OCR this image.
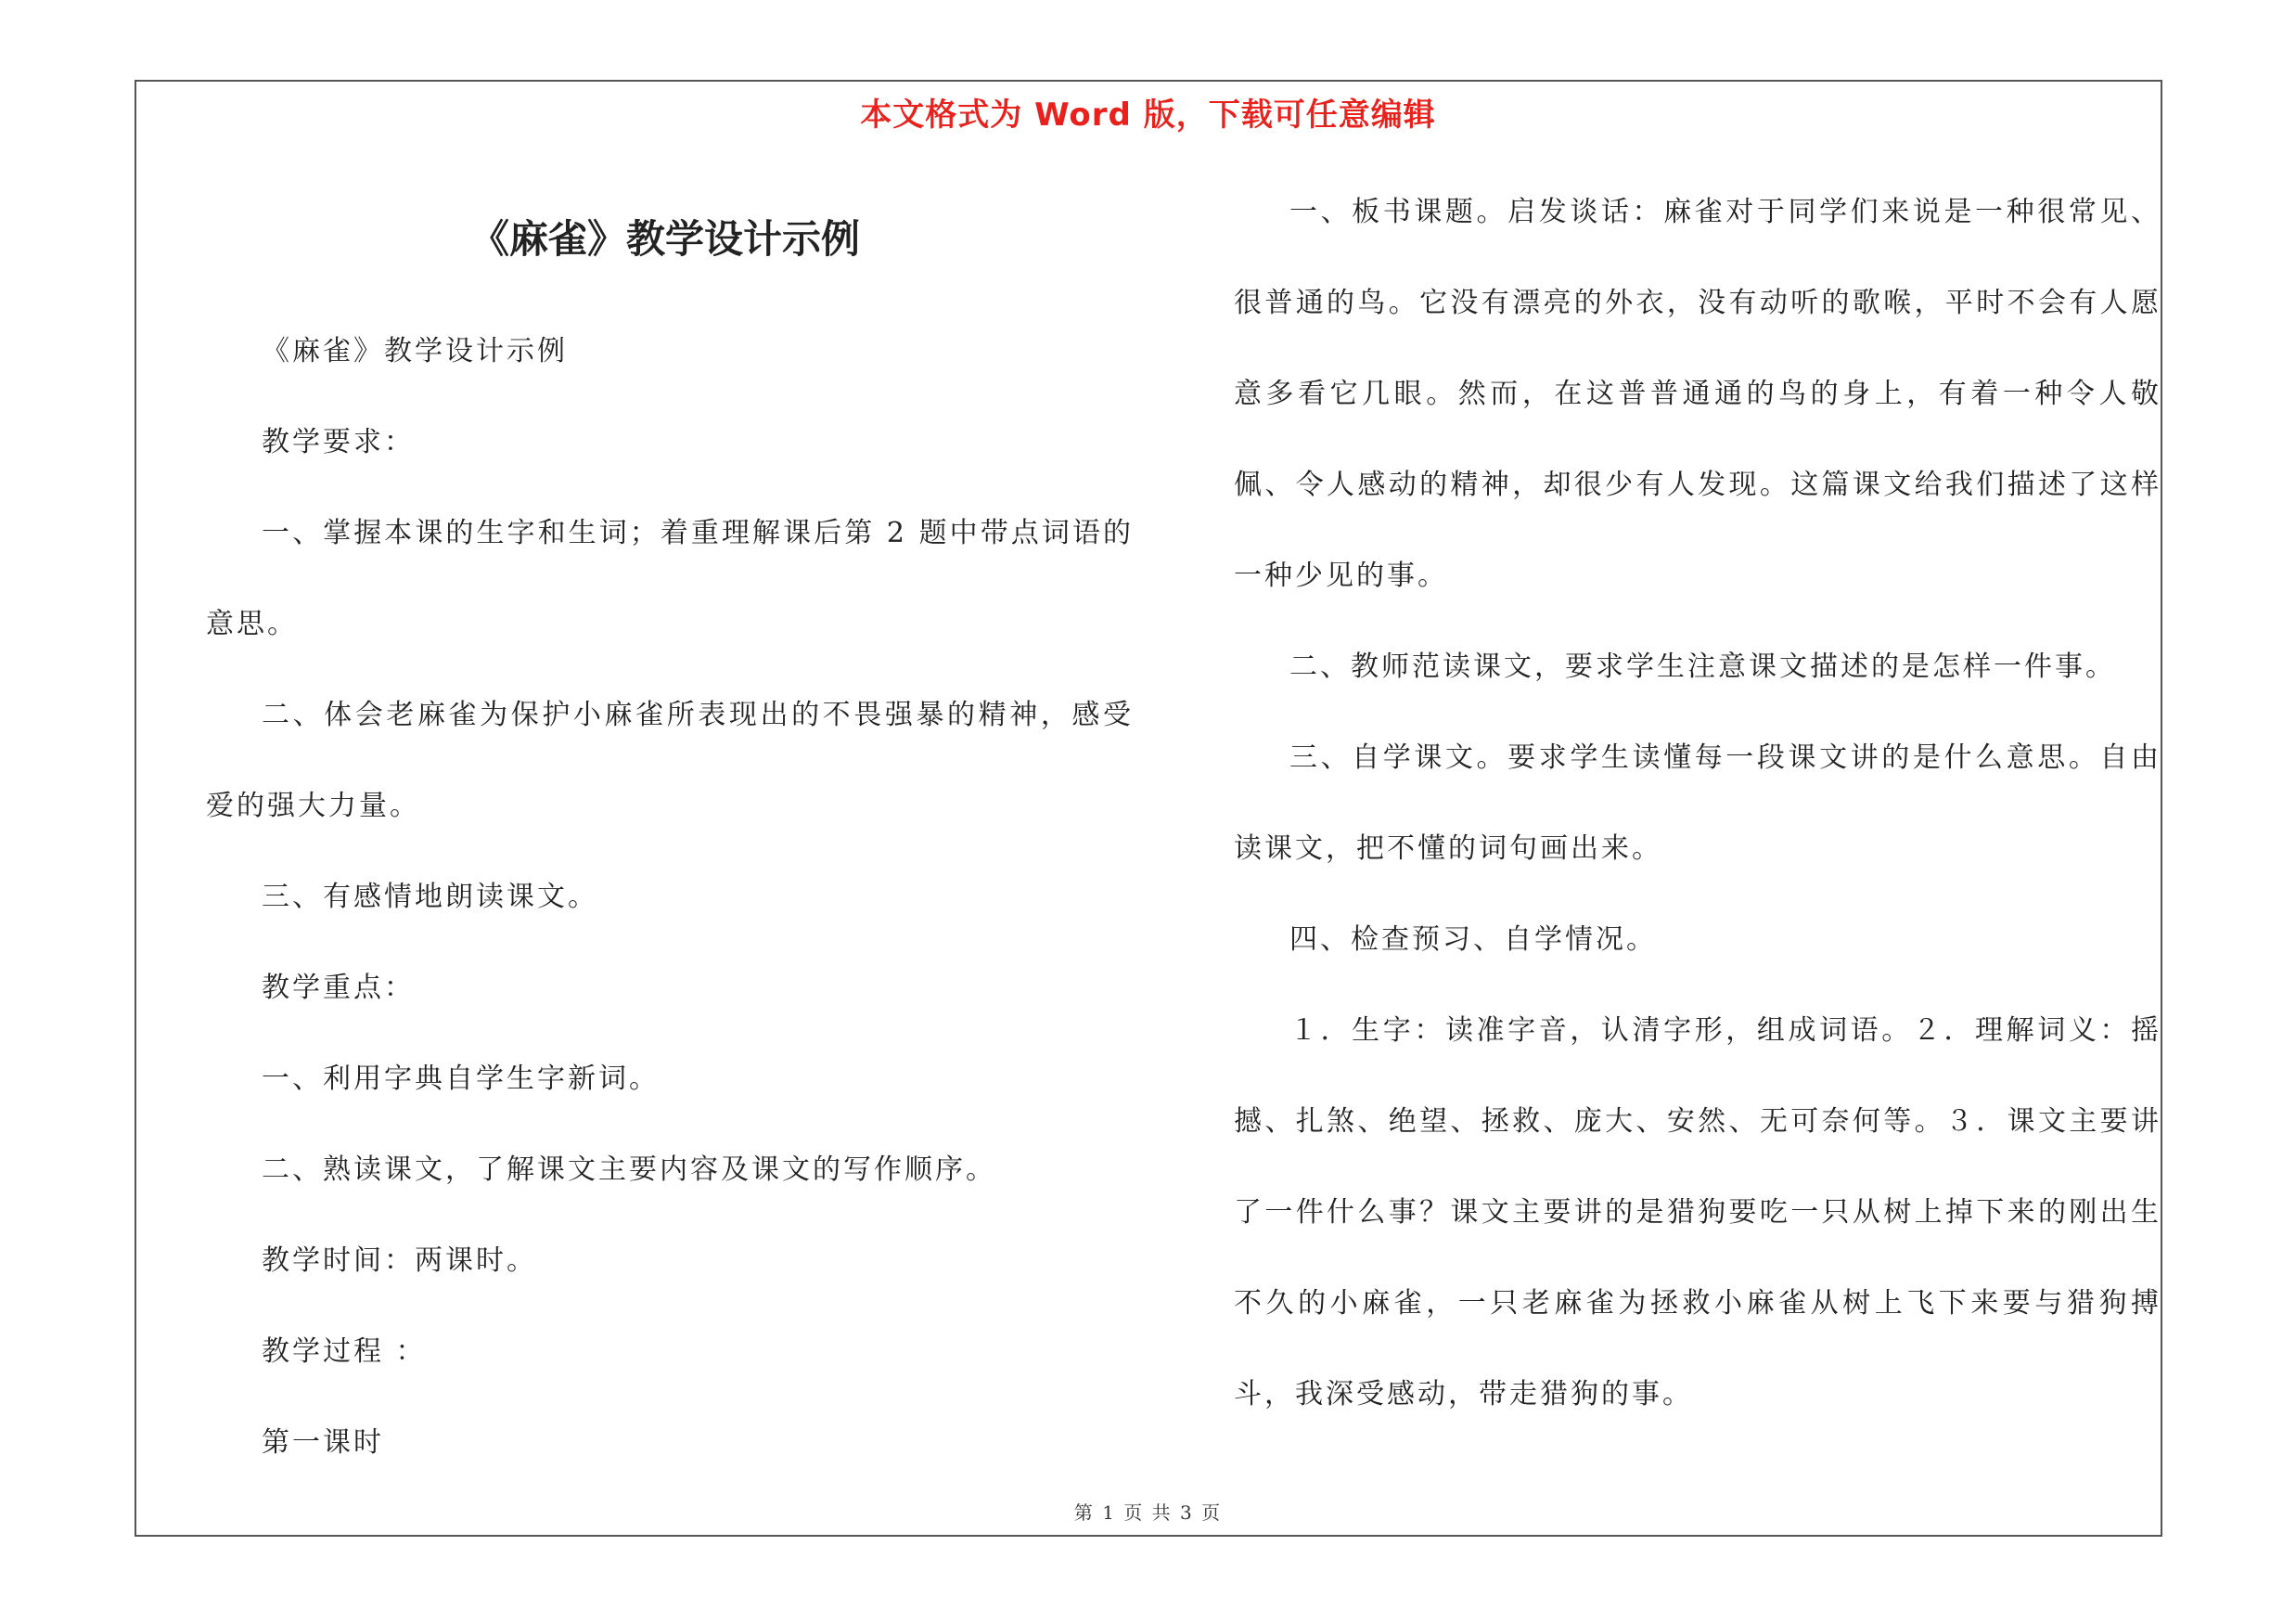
本文格式为 Word 版，下载可任意编辑
《麻雀》教学设计示例

《麻雀》教学设计示例

教学要求：

一、掌握本课的生字和生词；着重理解课后第 2 题中带点词语的意思。

二、体会老麻雀为保护小麻雀所表现出的不畏强暴的精神，感受爱的强大力量。

三、有感情地朗读课文。

教学重点：

一、利用字典自学生字新词。

二、熟读课文，了解课文主要内容及课文的写作顺序。

教学时间：两课时。

教学过程 ：

第一课时

一、板书课题。启发谈话：麻雀对于同学们来说是一种很常见、很普通的鸟。它没有漂亮的外衣，没有动听的歌喉，平时不会有人愿意多看它几眼。然而，在这普普通通的鸟的身上，有着一种令人敬佩、令人感动的精神，却很少有人发现。这篇课文给我们描述了这样一种少见的事。

二、教师范读课文，要求学生注意课文描述的是怎样一件事。

三、自学课文。要求学生读懂每一段课文讲的是什么意思。自由读课文，把不懂的词句画出来。

四、检查预习、自学情况。

１．生字：读准字音，认清字形，组成词语。２．理解词义：摇撼、扎煞、绝望、拯救、庞大、安然、无可奈何等。３．课文主要讲了一件什么事？课文主要讲的是猎狗要吃一只从树上掉下来的刚出生不久的小麻雀，一只老麻雀为拯救小麻雀从树上飞下来要与猎狗搏斗，我深受感动，带走猎狗的事。

第 1 页 共 3 页
